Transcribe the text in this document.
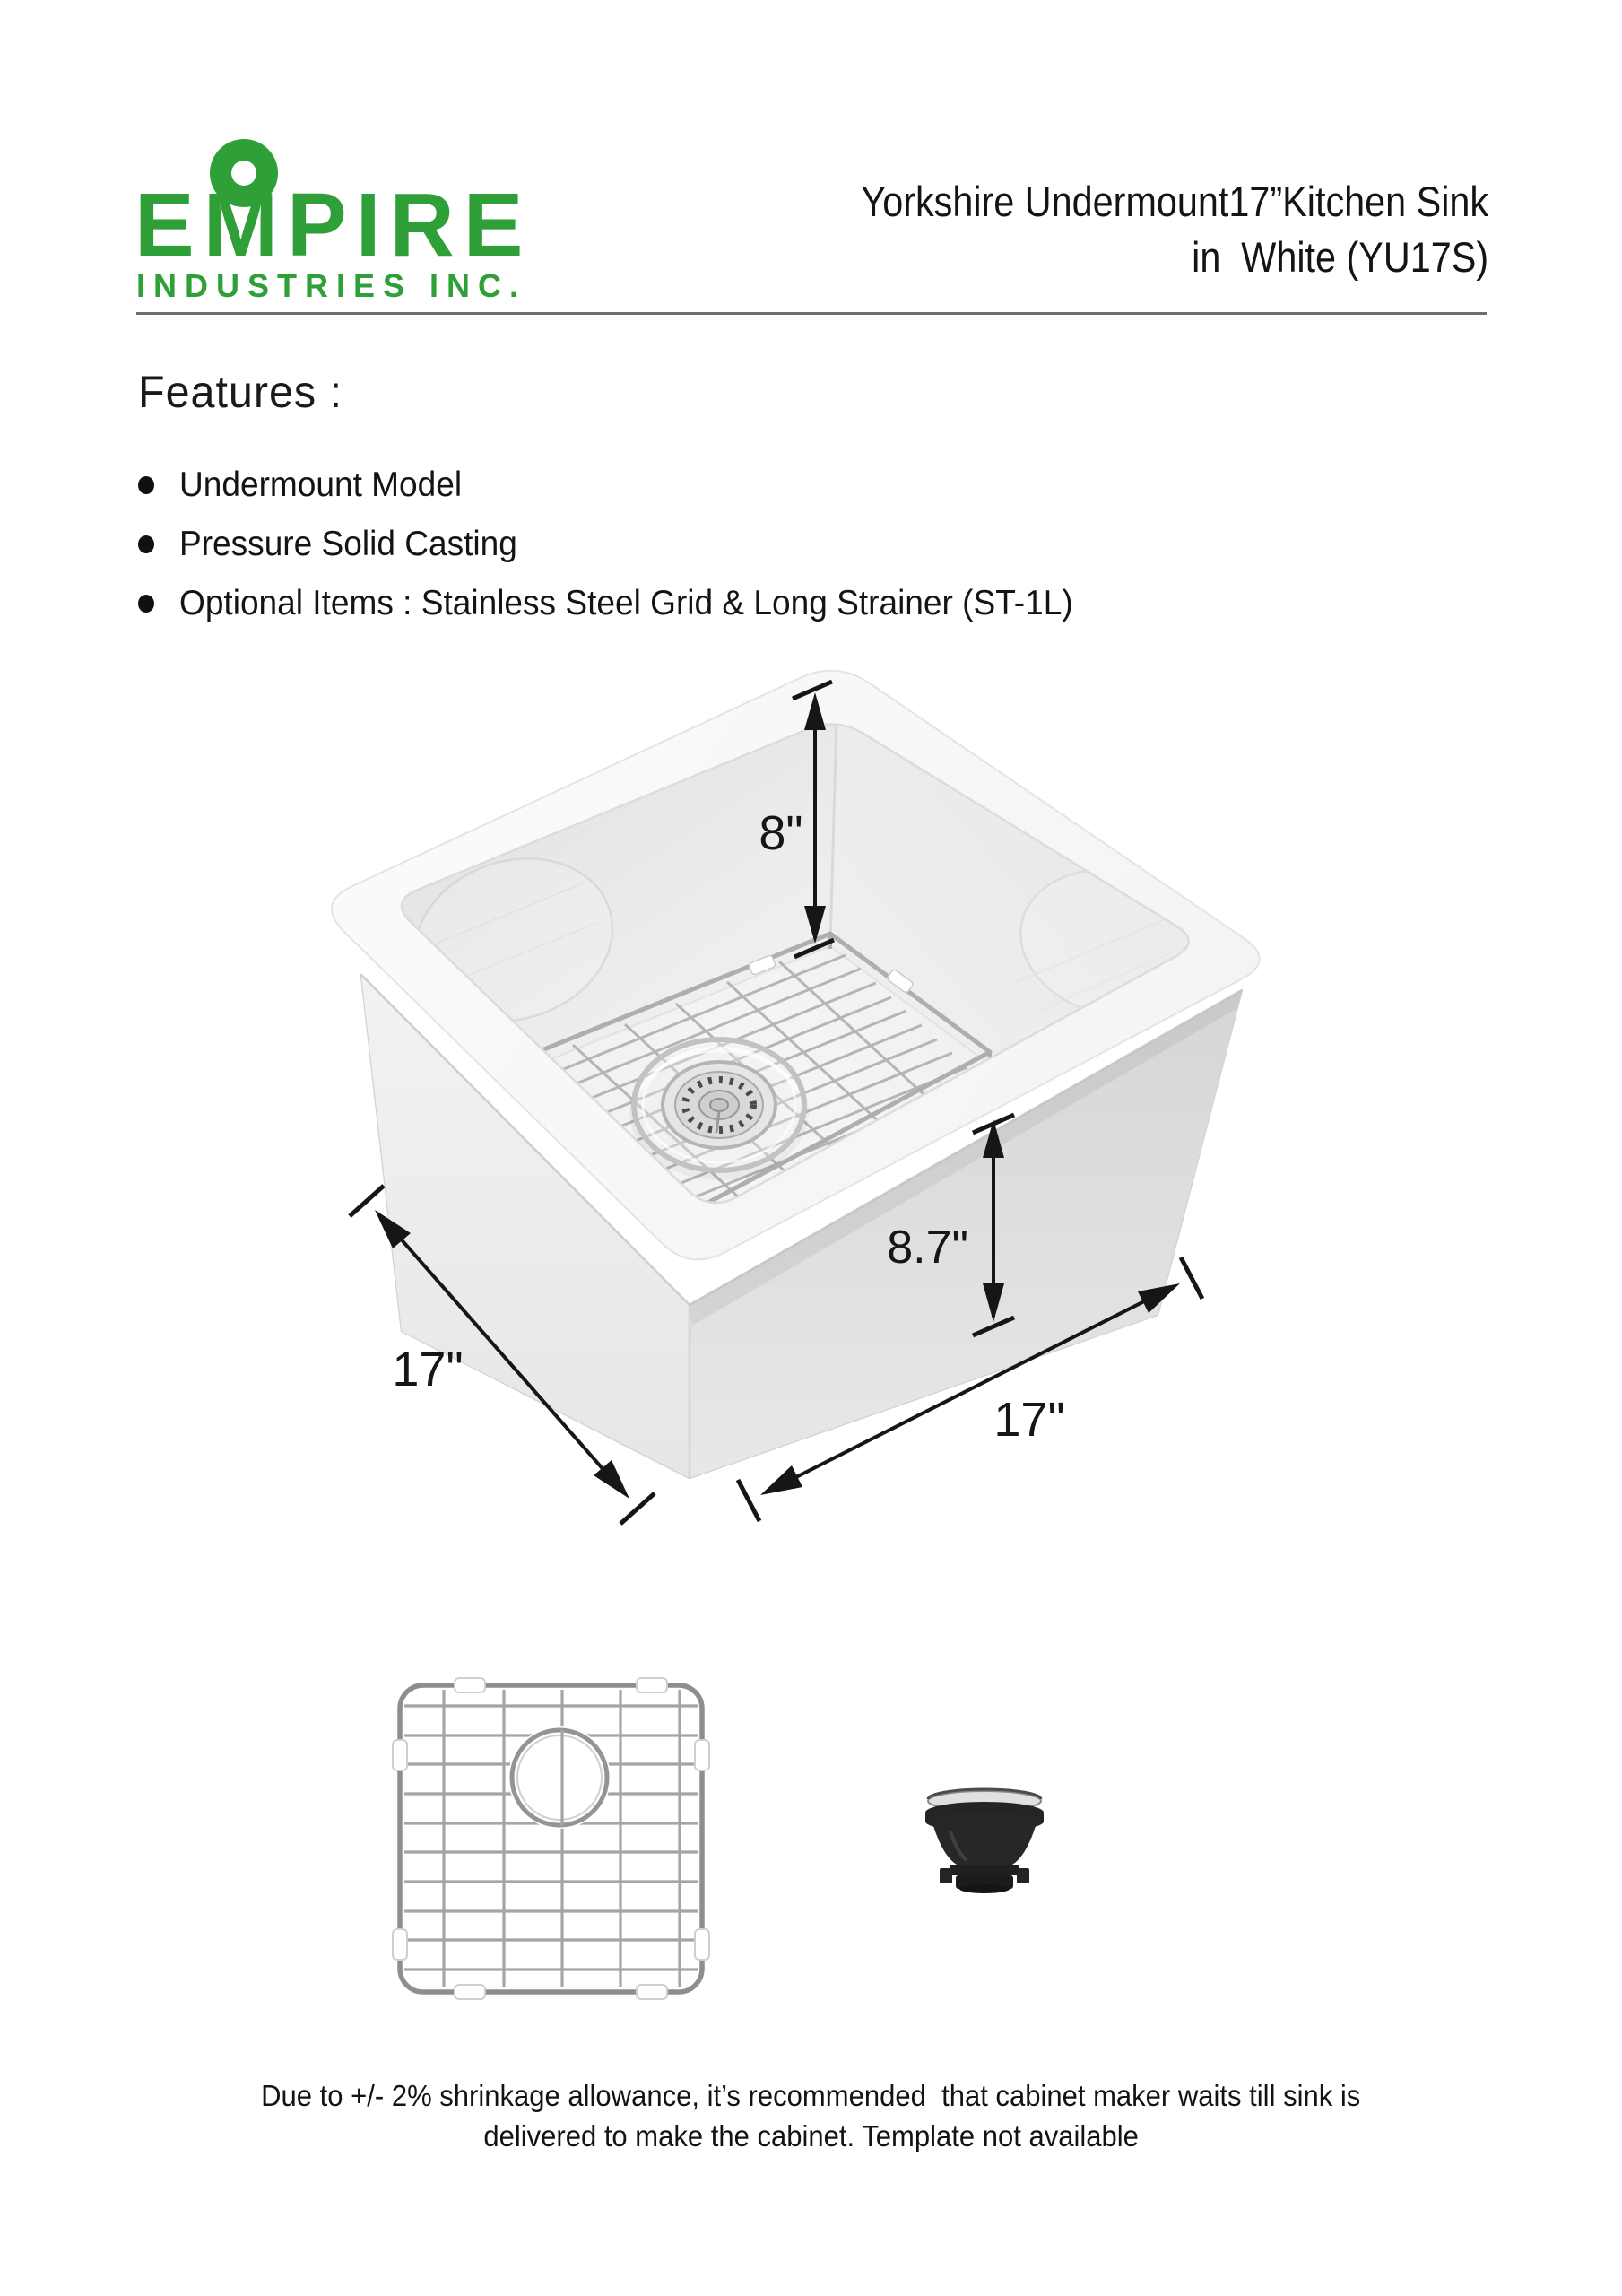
EMPIRE
INDUSTRIES INC.
Yorkshire Undermount17”Kitchen Sink
in  White (YU17S)
Features :
Undermount Model
Pressure Solid Casting
Optional Items : Stainless Steel Grid & Long Strainer (ST-1L)
8"
8.7"
17"
17"
Due to +/- 2% shrinkage allowance, it’s recommended  that cabinet maker waits till sink is
delivered to make the cabinet. Template not available
